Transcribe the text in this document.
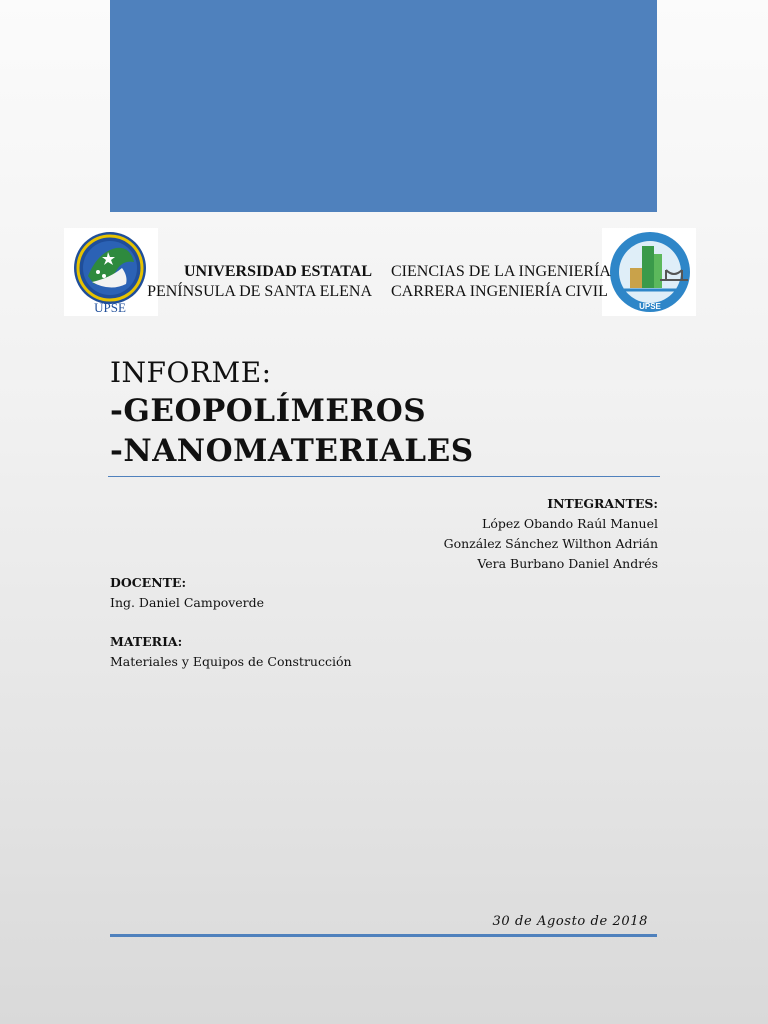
UPSE	UPSE
UNIVERSIDAD ESTATAL
PENÍNSULA DE SANTA ELENA
CIENCIAS DE LA INGENIERÍA
CARRERA INGENIERÍA CIVIL
INFORME:
-GEOPOLÍMEROS
-NANOMATERIALES
INTEGRANTES:
López Obando Raúl Manuel
González Sánchez Wilthon Adrián
Vera Burbano Daniel Andrés
DOCENTE:
Ing. Daniel Campoverde
MATERIA:
Materiales y Equipos de Construcción
30 de Agosto de 2018
